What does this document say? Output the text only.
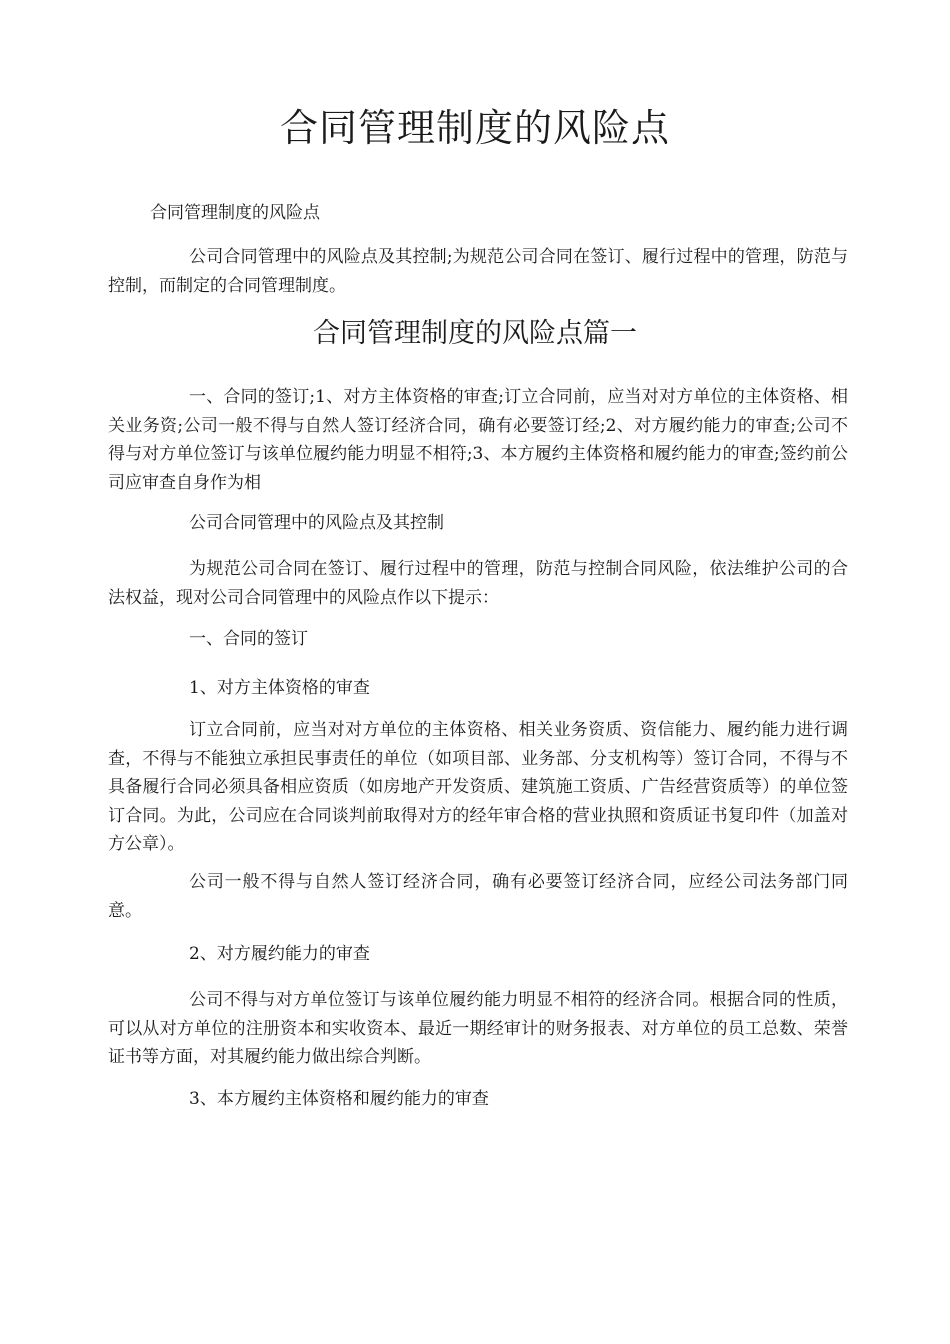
合同管理制度的风险点

合同管理制度的风险点

公司合同管理中的风险点及其控制;为规范公司合同在签订、履行过程中的管理，防范与控制，而制定的合同管理制度。

合同管理制度的风险点篇一

一、合同的签订;1、对方主体资格的审查;订立合同前，应当对对方单位的主体资格、相关业务资;公司一般不得与自然人签订经济合同，确有必要签订经;2、对方履约能力的审查;公司不得与对方单位签订与该单位履约能力明显不相符;3、本方履约主体资格和履约能力的审查;签约前公司应审查自身作为相

公司合同管理中的风险点及其控制

为规范公司合同在签订、履行过程中的管理，防范与控制合同风险，依法维护公司的合法权益，现对公司合同管理中的风险点作以下提示：

一、合同的签订

1、对方主体资格的审查

订立合同前，应当对对方单位的主体资格、相关业务资质、资信能力、履约能力进行调查，不得与不能独立承担民事责任的单位（如项目部、业务部、分支机构等）签订合同，不得与不具备履行合同必须具备相应资质（如房地产开发资质、建筑施工资质、广告经营资质等）的单位签订合同。为此，公司应在合同谈判前取得对方的经年审合格的营业执照和资质证书复印件（加盖对方公章）。

公司一般不得与自然人签订经济合同，确有必要签订经济合同，应经公司法务部门同意。

2、对方履约能力的审查

公司不得与对方单位签订与该单位履约能力明显不相符的经济合同。根据合同的性质，可以从对方单位的注册资本和实收资本、最近一期经审计的财务报表、对方单位的员工总数、荣誉证书等方面，对其履约能力做出综合判断。

3、本方履约主体资格和履约能力的审查
